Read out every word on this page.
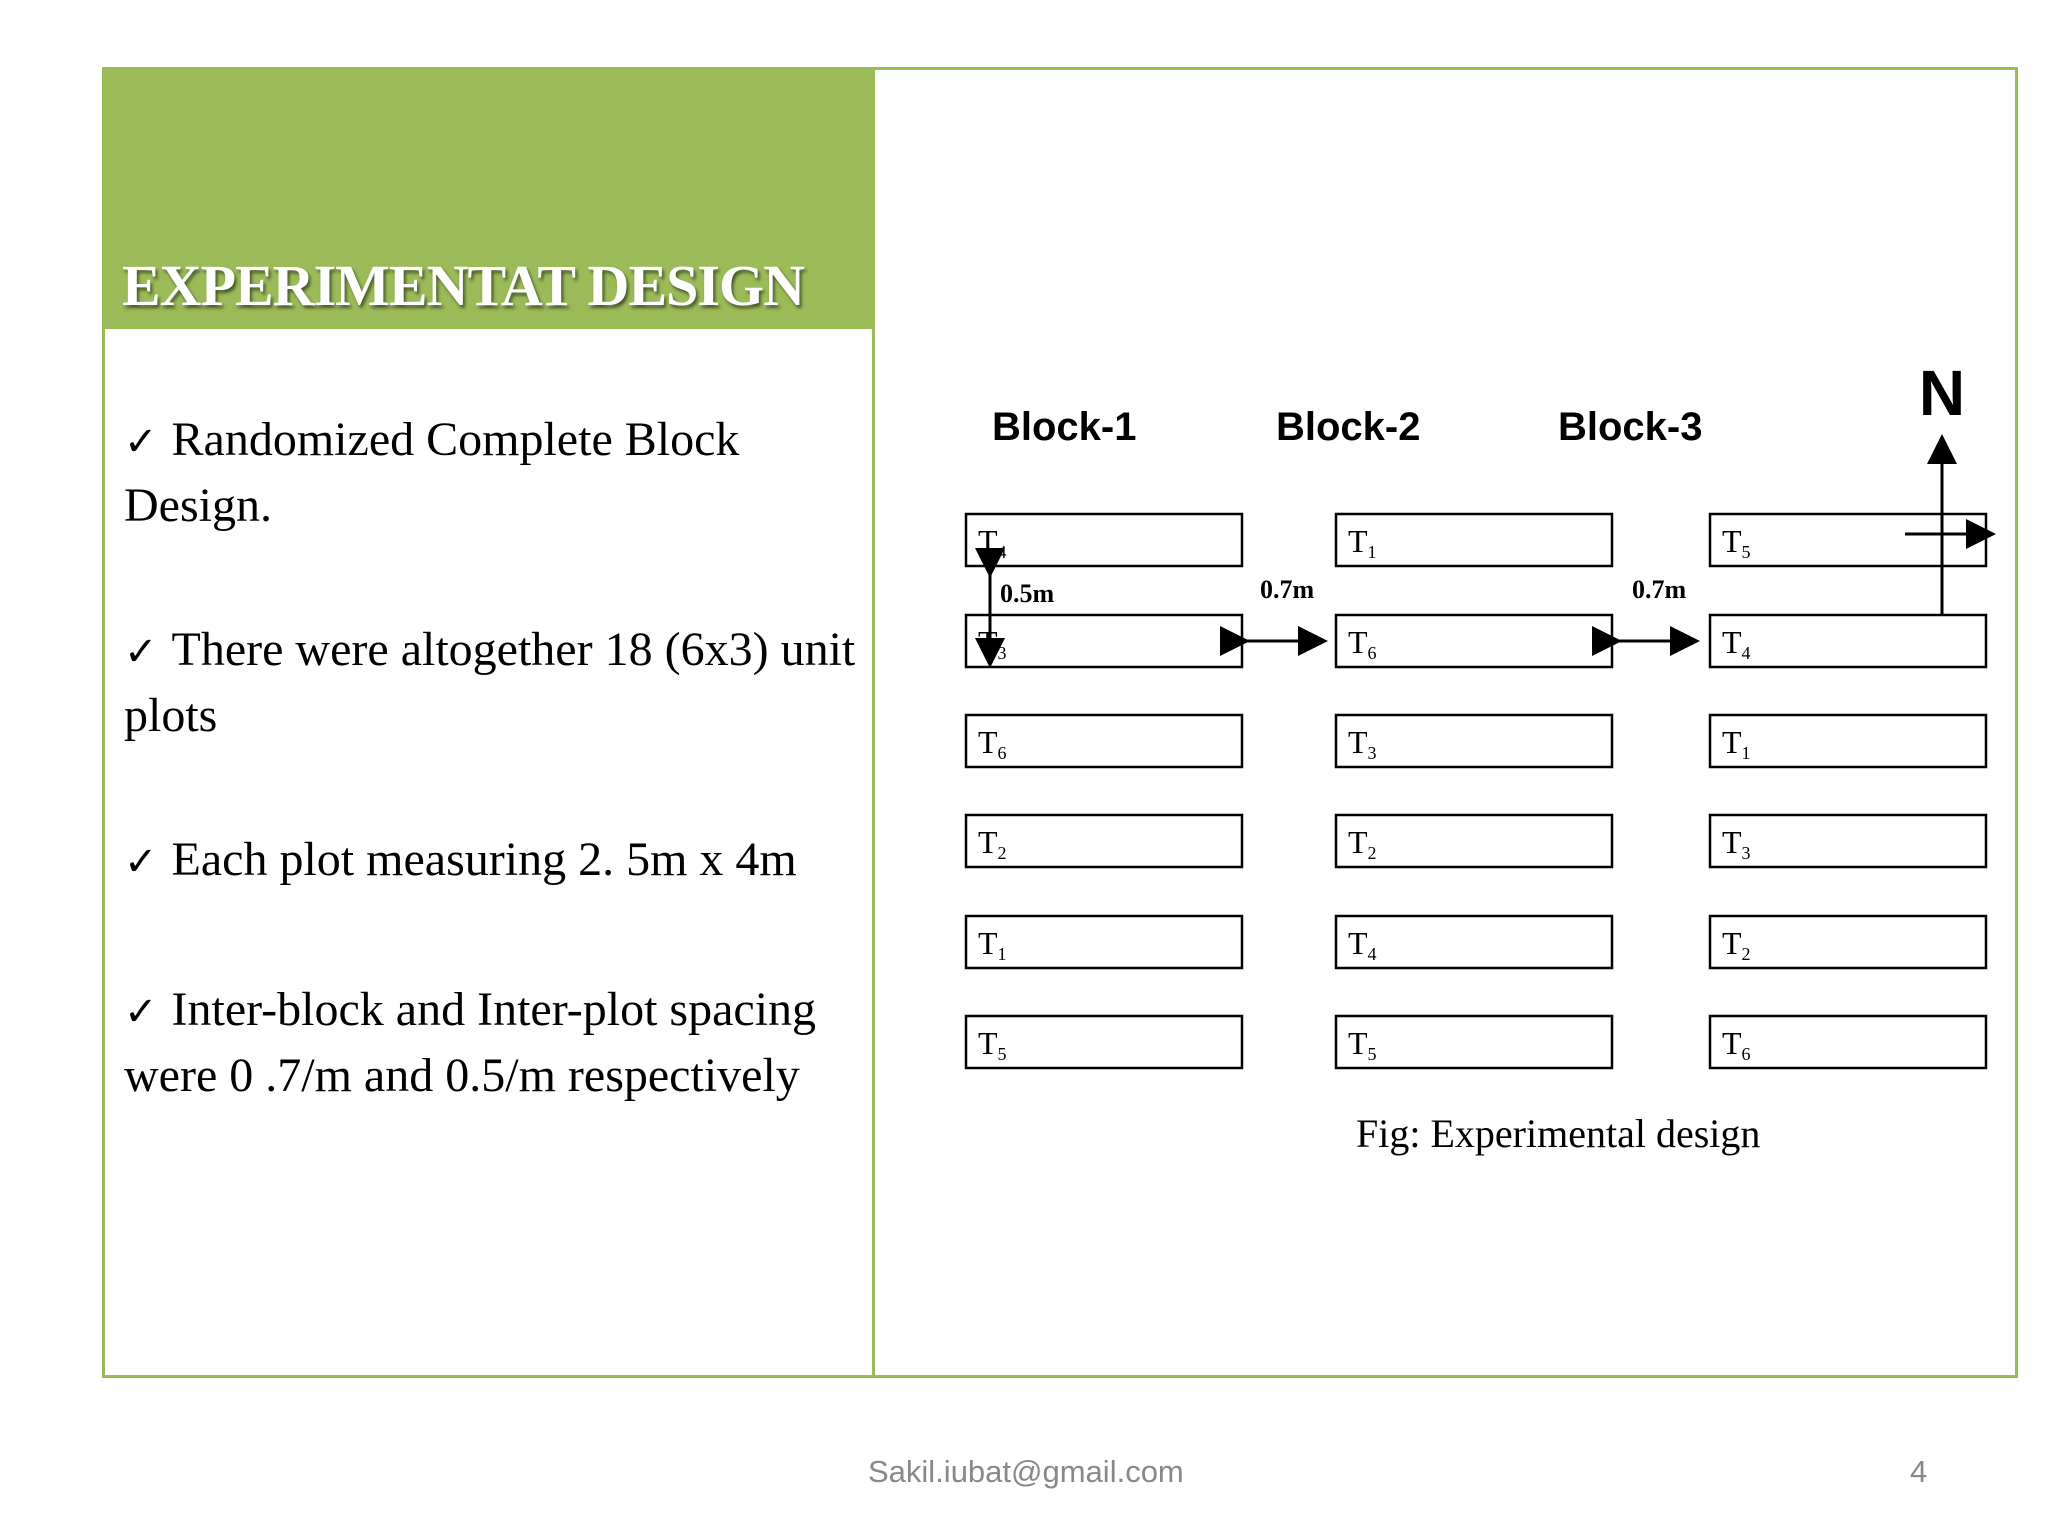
EXPERIMENTAT DESIGN
✓ Randomized Complete Block Design.
✓ There were altogether 18 (6x3) unit plots
✓ Each plot measuring 2. 5m x 4m
✓ Inter-block and Inter-plot spacing were 0 .7/m and 0.5/m respectively
Block-1
T4
T3
T6
T2
T1
T5
Block-2
T1
T6
T3
T2
T4
T5
Block-3
T5
T4
T1
T3
T2
T6
0.5m	0.7m	0.7m
N
Fig: Experimental design
Sakil.iubat@gmail.com	4
